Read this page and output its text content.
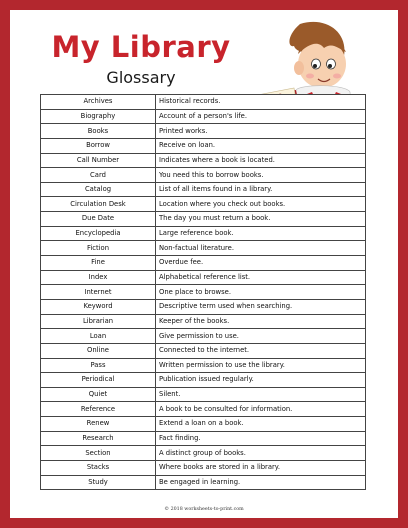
My Library
Glossary
Archives	Historical records.
Biography	Account of a person's life.
Books	Printed works.
Borrow	Receive on loan.
Call Number	Indicates where a book is located.
Card	You need this to borrow books.
Catalog	List of all items found in a library.
Circulation Desk	Location where you check out books.
Due Date	The day you must return a book.
Encyclopedia	Large reference book.
Fiction	Non-factual literature.
Fine	Overdue fee.
Index	Alphabetical reference list.
Internet	One place to browse.
Keyword	Descriptive term used when searching.
Librarian	Keeper of the books.
Loan	Give permission to use.
Online	Connected to the internet.
Pass	Written permission to use the library.
Periodical	Publication issued regularly.
Quiet	Silent.
Reference	A book to be consulted for information.
Renew	Extend a loan on a book.
Research	Fact finding.
Section	A distinct group of books.
Stacks	Where books are stored in a library.
Study	Be engaged in learning.
© 2018 worksheets-to-print.com
